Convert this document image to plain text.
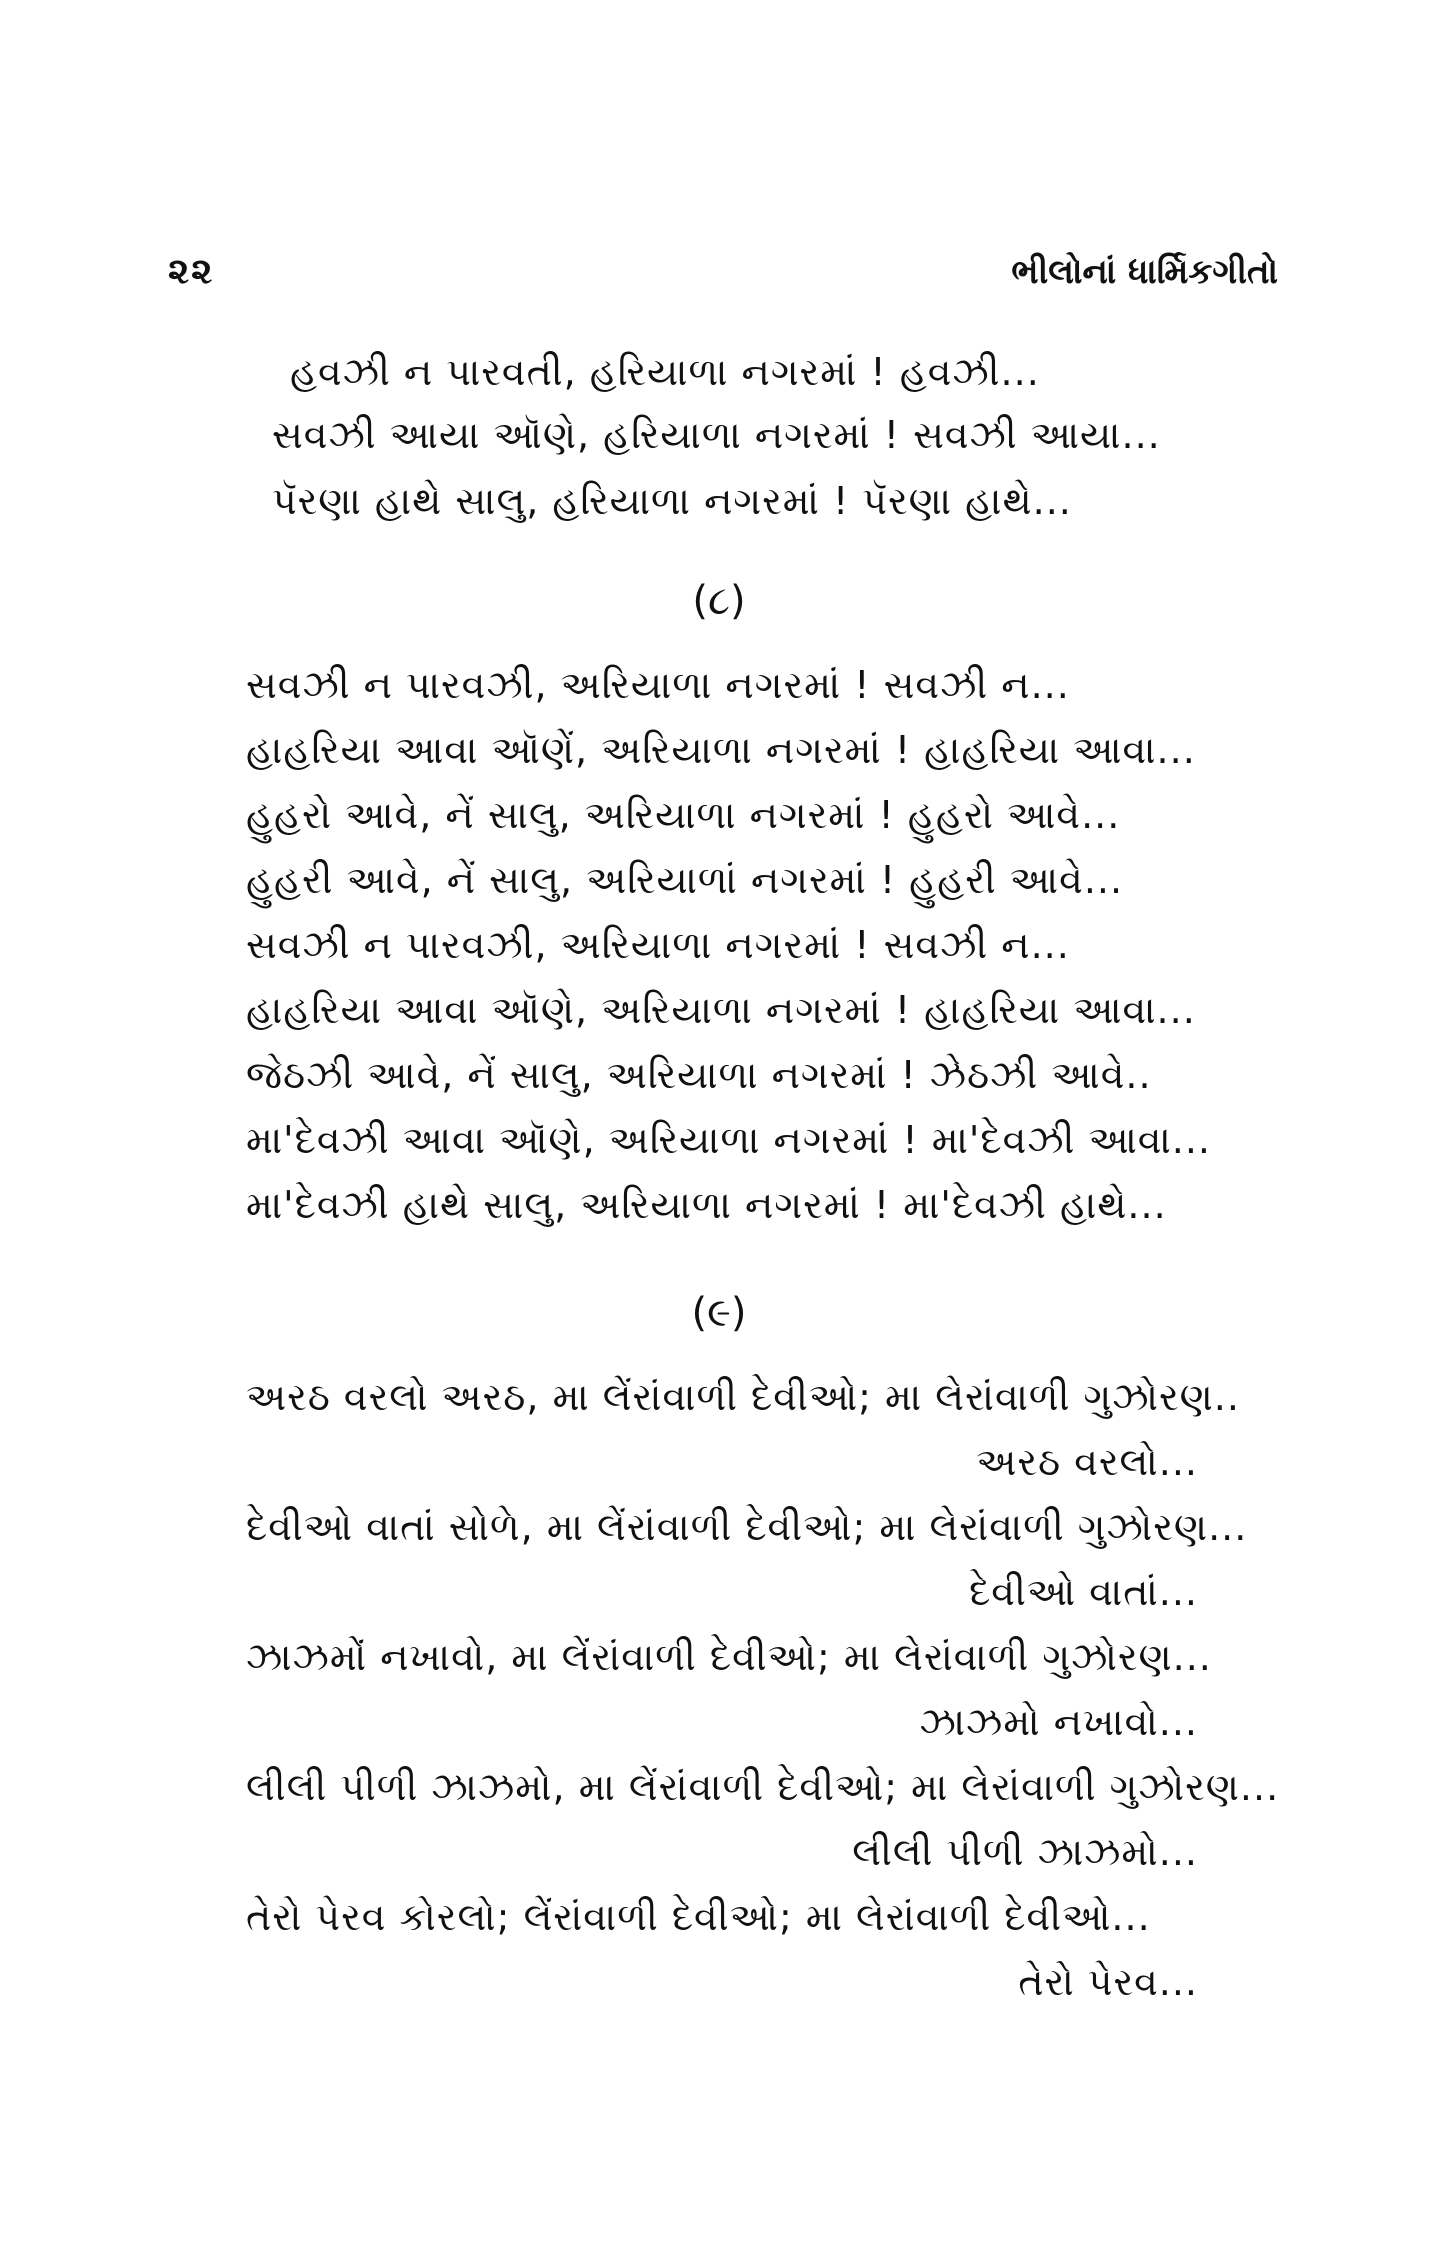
૨૨	ભીલોનાં ધાર્મિકગીતો
હવઝી ન પારવતી, હરિયાળા નગરમાં ! હવઝી...
સવઝી આયા ઑણે, હરિયાળા નગરમાં ! સવઝી આયા...
પૅરણા હાથે સાલુ, હરિયાળા નગરમાં ! પૅરણા હાથે...
(૮)
સવઝી ન પારવઝી, અરિયાળા નગરમાં ! સવઝી ન...
હાહરિયા આવા ઑણેં, અરિયાળા નગરમાં ! હાહરિયા આવા...
હુહરો આવે, નેં સાલુ, અરિયાળા નગરમાં ! હુહરો આવે...
હુહરી આવે, નેં સાલુ, અરિયાળાં નગરમાં ! હુહરી આવે...
સવઝી ન પારવઝી, અરિયાળા નગરમાં ! સવઝી ન...
હાહરિયા આવા ઑણે, અરિયાળા નગરમાં ! હાહરિયા આવા...
જેઠઝી આવે, નેં સાલુ, અરિયાળા નગરમાં ! ઝેઠઝી આવે..
મા'દેવઝી આવા ઑણે, અરિયાળા નગરમાં ! મા'દેવઝી આવા...
મા'દેવઝી હાથે સાલુ, અરિયાળા નગરમાં ! મા'દેવઝી હાથે...
(૯)
અરઠ વરલો અરઠ, મા લેંરાંવાળી દેવીઓ; મા લેરાંવાળી ગુઝોરણ..
અરઠ વરલો...
દેવીઓ વાતાં સોળે, મા લેંરાંવાળી દેવીઓ; મા લેરાંવાળી ગુઝોરણ...
દેવીઓ વાતાં...
ઝાઝમોં નખાવો, મા લેંરાંવાળી દેવીઓ; મા લેરાંવાળી ગુઝોરણ...
ઝાઝમો નખાવો...
લીલી પીળી ઝાઝમો, મા લેંરાંવાળી દેવીઓ; મા લેરાંવાળી ગુઝોરણ...
લીલી પીળી ઝાઝમો...
તેરો પેરવ કોરલો; લેંરાંવાળી દેવીઓ; મા લેરાંવાળી દેવીઓ...
તેરો પેરવ...
